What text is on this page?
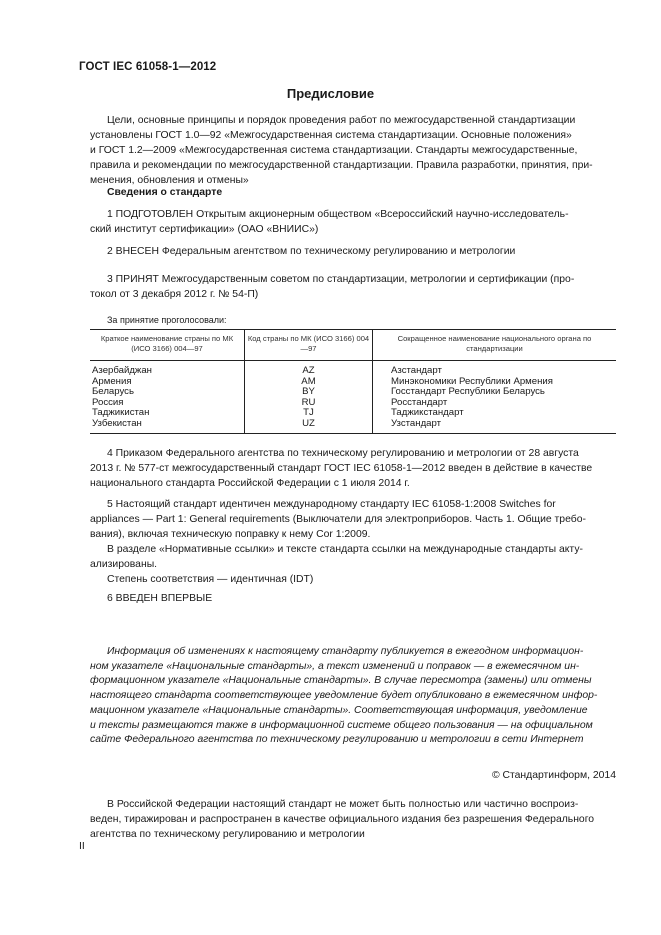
ГОСТ IEC 61058-1—2012
Предисловие
Цели, основные принципы и порядок проведения работ по межгосударственной стандартизации
установлены ГОСТ 1.0—92 «Межгосударственная система стандартизации. Основные положения»
и ГОСТ 1.2—2009 «Межгосударственная система стандартизации. Стандарты межгосударственные,
правила и рекомендации по межгосударственной стандартизации. Правила разработки, принятия, при-
менения, обновления и отмены»
Сведения о стандарте
1 ПОДГОТОВЛЕН Открытым акционерным обществом «Всероссийский научно-исследователь-
ский институт сертификации» (ОАО «ВНИИС»)
2 ВНЕСЕН Федеральным агентством по техническому регулированию и метрологии
3 ПРИНЯТ Межгосударственным советом по стандартизации, метрологии и сертификации (про-
токол от 3 декабря 2012 г. № 54-П)
За принятие проголосовали:
Краткое наименование страны по МК (ИСО 3166) 004—97	Код страны по МК (ИСО 3166) 004—97	Сокращенное наименование национального органа по стандартизации
Азербайджан	AZ	Азстандарт
Армения	AM	Минэкономики Республики Армения
Беларусь	BY	Госстандарт Республики Беларусь
Россия	RU	Росстандарт
Таджикистан	TJ	Таджикстандарт
Узбекистан	UZ	Узстандарт
4 Приказом Федерального агентства по техническому регулированию и метрологии от 28 августа
2013 г. № 577-ст межгосударственный стандарт ГОСТ IEC 61058-1—2012 введен в действие в качестве
национального стандарта Российской Федерации с 1 июля 2014 г.
5 Настоящий стандарт идентичен международному стандарту IEC 61058-1:2008 Switches for
appliances — Part 1: General requirements (Выключатели для электроприборов. Часть 1. Общие требо-
вания), включая техническую поправку к нему Cor 1:2009.
В разделе «Нормативные ссылки» и тексте стандарта ссылки на международные стандарты акту-
ализированы.
Степень соответствия — идентичная (IDT)
6 ВВЕДЕН ВПЕРВЫЕ
Информация об изменениях к настоящему стандарту публикуется в ежегодном информацион-
ном указателе «Национальные стандарты», а текст изменений и поправок — в ежемесячном ин-
формационном указателе «Национальные стандарты». В случае пересмотра (замены) или отмены
настоящего стандарта соответствующее уведомление будет опубликовано в ежемесячном инфор-
мационном указателе «Национальные стандарты». Соответствующая информация, уведомление
и тексты размещаются также в информационной системе общего пользования — на официальном
сайте Федерального агентства по техническому регулированию и метрологии в сети Интернет
© Стандартинформ, 2014
В Российской Федерации настоящий стандарт не может быть полностью или частично воспроиз-
веден, тиражирован и распространен в качестве официального издания без разрешения Федерального
агентства по техническому регулированию и метрологии
II
